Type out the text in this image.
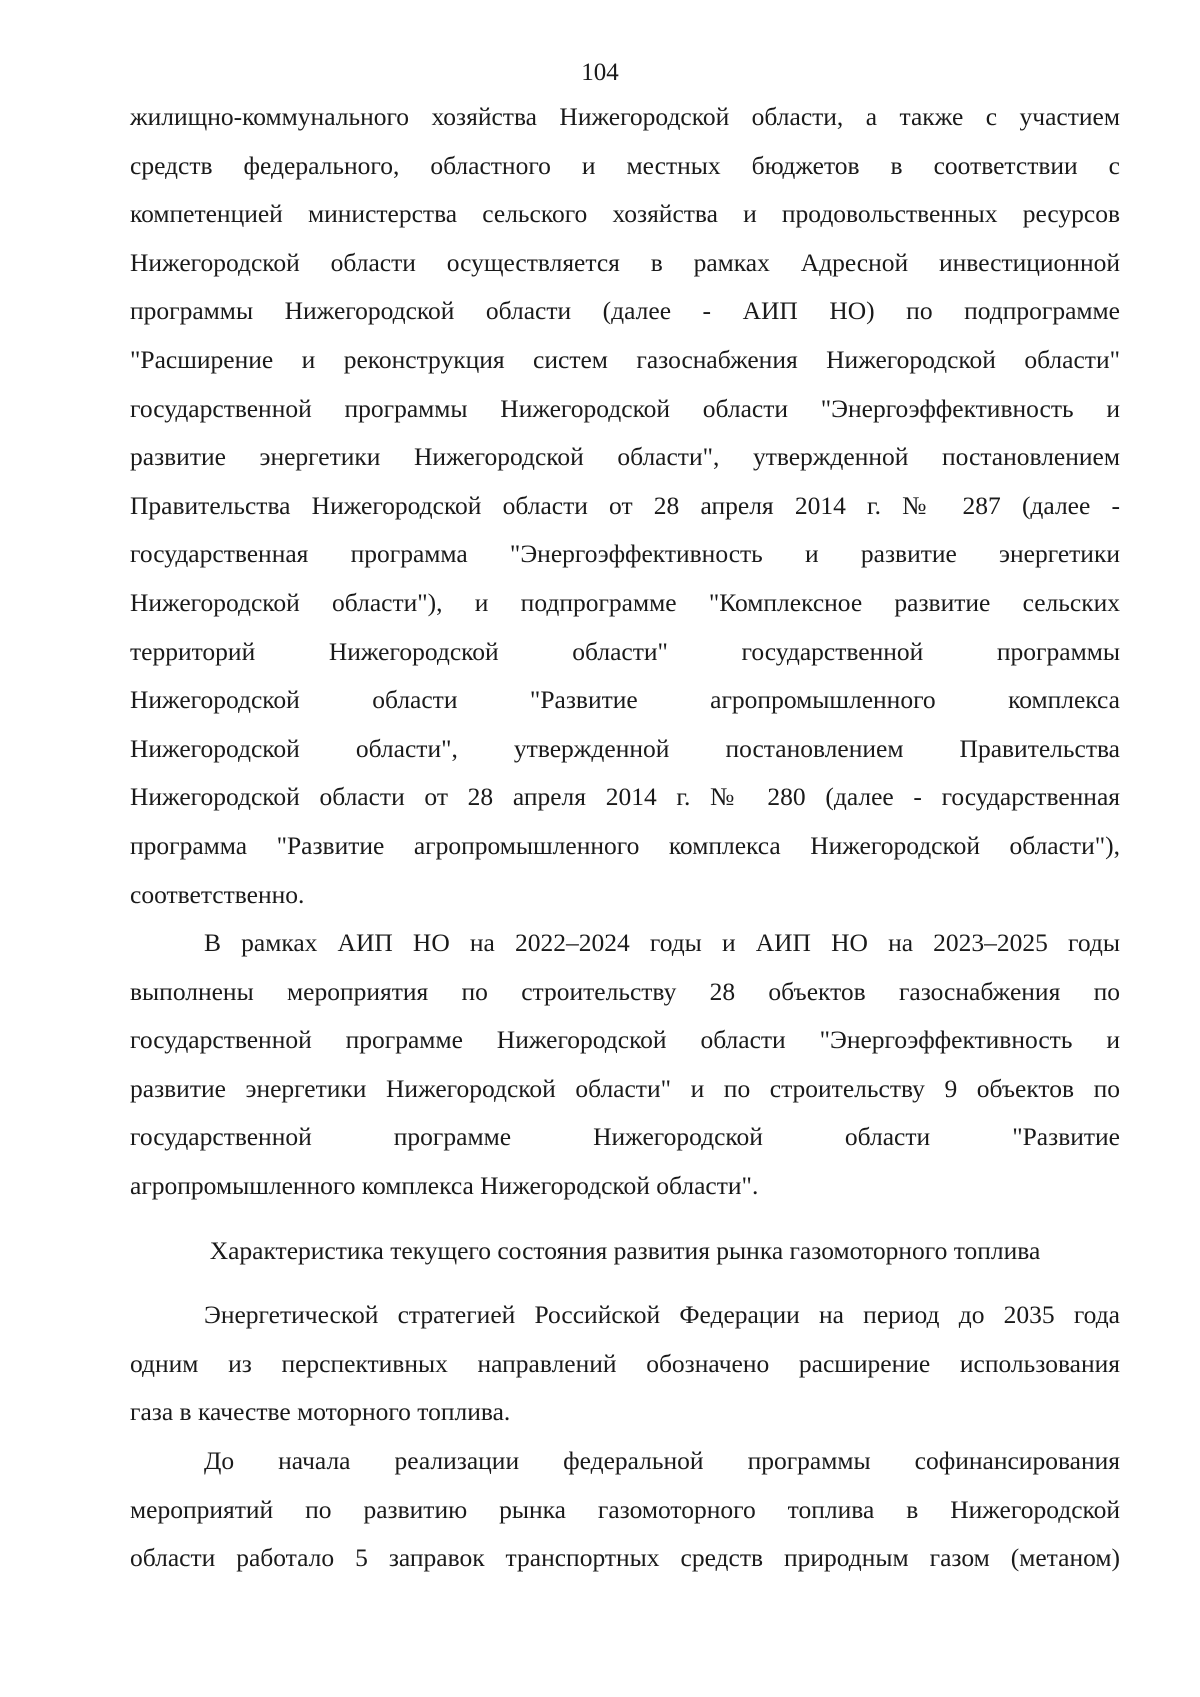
104

жилищно-коммунального хозяйства Нижегородской области, а также с участием
средств федерального, областного и местных бюджетов в соответствии с
компетенцией министерства сельского хозяйства и продовольственных ресурсов
Нижегородской области осуществляется в рамках Адресной инвестиционной
программы Нижегородской области (далее - АИП НО) по подпрограмме
"Расширение и реконструкция систем газоснабжения Нижегородской области"
государственной программы Нижегородской области "Энергоэффективность и
развитие энергетики Нижегородской области", утвержденной постановлением
Правительства Нижегородской области от 28 апреля 2014 г. № 287 (далее -
государственная программа "Энергоэффективность и развитие энергетики
Нижегородской области"), и подпрограмме "Комплексное развитие сельских
территорий Нижегородской области" государственной программы
Нижегородской области "Развитие агропромышленного комплекса
Нижегородской области", утвержденной постановлением Правительства
Нижегородской области от 28 апреля 2014 г. № 280 (далее - государственная
программа "Развитие агропромышленного комплекса Нижегородской области"),
соответственно.

В рамках АИП НО на 2022–2024 годы и АИП НО на 2023–2025 годы
выполнены мероприятия по строительству 28 объектов газоснабжения по
государственной программе Нижегородской области "Энергоэффективность и
развитие энергетики Нижегородской области" и по строительству 9 объектов по
государственной программе Нижегородской области "Развитие
агропромышленного комплекса Нижегородской области".

Характеристика текущего состояния развития рынка газомоторного топлива

Энергетической стратегией Российской Федерации на период до 2035 года
одним из перспективных направлений обозначено расширение использования
газа в качестве моторного топлива.

До начала реализации федеральной программы софинансирования
мероприятий по развитию рынка газомоторного топлива в Нижегородской
области работало 5 заправок транспортных средств природным газом (метаном)
